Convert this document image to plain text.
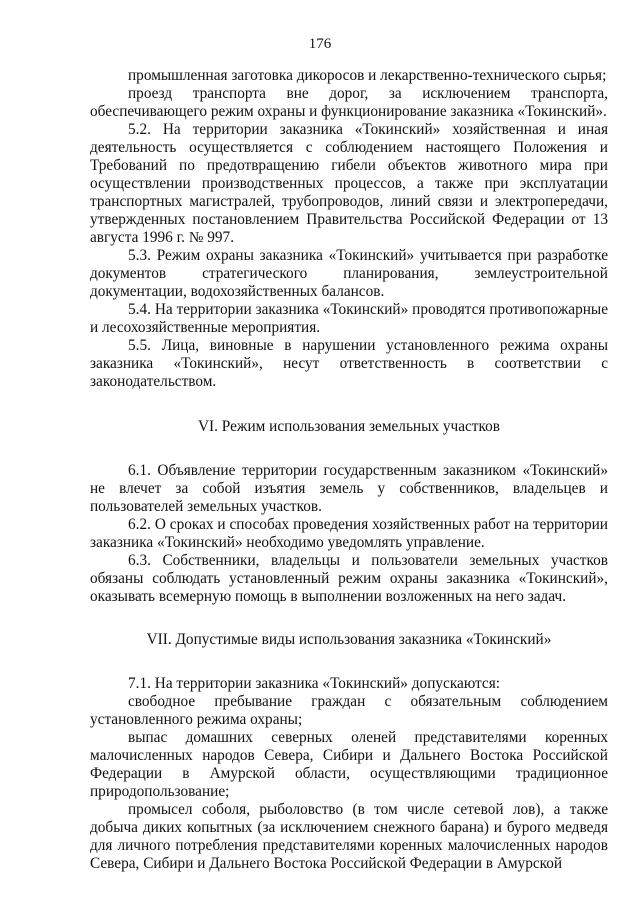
176

промышленная заготовка дикоросов и лекарственно-технического сырья;

проезд транспорта вне дорог, за исключением транспорта, обеспечивающего режим охраны и функционирование заказника «Токинский».

5.2. На территории заказника «Токинский» хозяйственная и иная деятельность осуществляется с соблюдением настоящего Положения и Требований по предотвращению гибели объектов животного мира при осуществлении производственных процессов, а также при эксплуатации транспортных магистралей, трубопроводов, линий связи и электропередачи, утвержденных постановлением Правительства Российской Федерации от 13 августа 1996 г. № 997.

5.3. Режим охраны заказника «Токинский» учитывается при разработке документов стратегического планирования, землеустроительной документации, водохозяйственных балансов.

5.4. На территории заказника «Токинский» проводятся противопожарные и лесохозяйственные мероприятия.

5.5. Лица, виновные в нарушении установленного режима охраны заказника «Токинский», несут ответственность в соответствии с законодательством.

VI. Режим использования земельных участков

6.1. Объявление территории государственным заказником «Токинский» не влечет за собой изъятия земель у собственников, владельцев и пользователей земельных участков.

6.2. О сроках и способах проведения хозяйственных работ на территории заказника «Токинский» необходимо уведомлять управление.

6.3. Собственники, владельцы и пользователи земельных участков обязаны соблюдать установленный режим охраны заказника «Токинский», оказывать всемерную помощь в выполнении возложенных на него задач.

VII. Допустимые виды использования заказника «Токинский»

7.1. На территории заказника «Токинский» допускаются:

свободное пребывание граждан с обязательным соблюдением установленного режима охраны;

выпас домашних северных оленей представителями коренных малочисленных народов Севера, Сибири и Дальнего Востока Российской Федерации в Амурской области, осуществляющими традиционное природопользование;

промысел соболя, рыболовство (в том числе сетевой лов), а также добыча диких копытных (за исключением снежного барана) и бурого медведя для личного потребления представителями коренных малочисленных народов Севера, Сибири и Дальнего Востока Российской Федерации в Амурской
